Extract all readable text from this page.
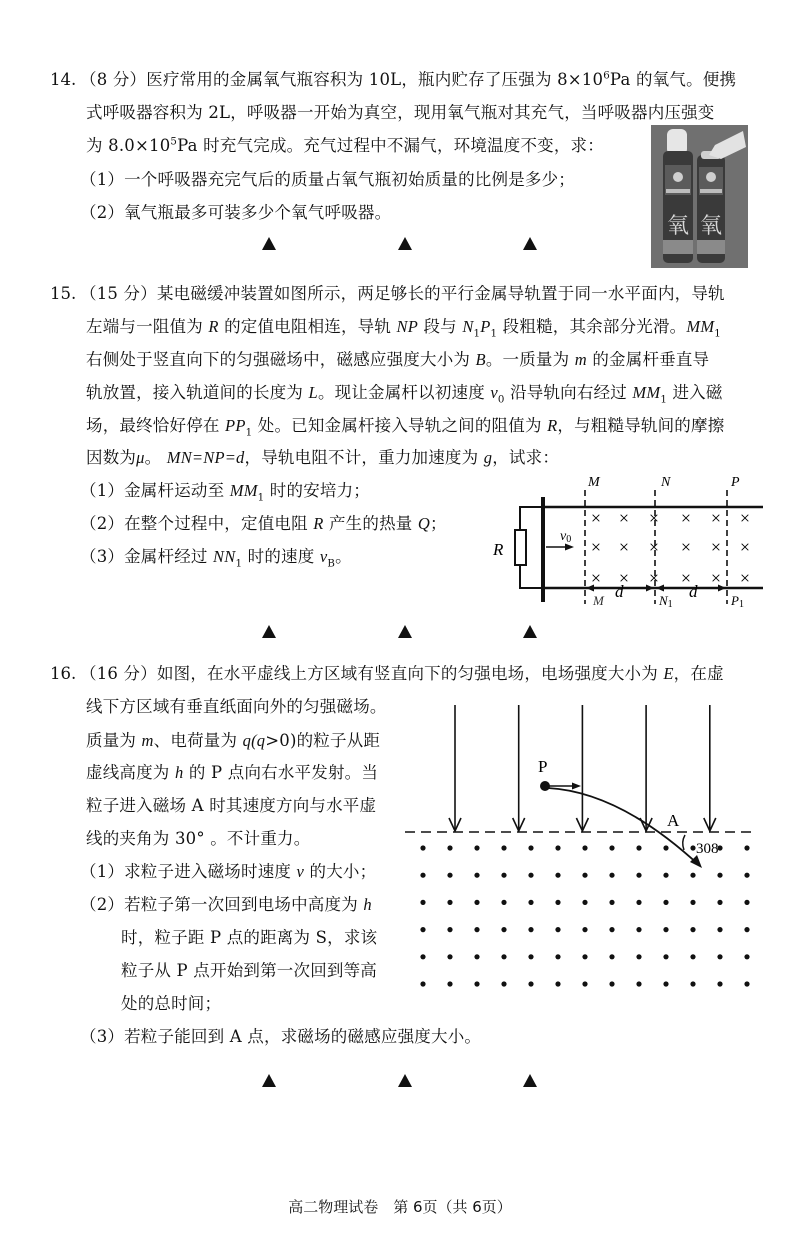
14. （8 分）医疗常用的金属氧气瓶容积为 10L，瓶内贮存了压强为 $8\times 10^6Pa$ 的氧气。便携
式呼吸器容积为 2L，呼吸器一开始为真空，现用氧气瓶对其充气，当呼吸器内压强变
为 $8.0\times 10^5Pa$ 时充气完成。充气过程中不漏气，环境温度不变，求：
（1）一个呼吸器充完气后的质量占氧气瓶初始质量的比例是多少；
（2）氧气瓶最多可装多少个氧气呼吸器。
氧 氧
15. （15 分）某电磁缓冲装置如图所示，两足够长的平行金属导轨置于同一水平面内，导轨
左端与一阻值为 R 的定值电阻相连，导轨 NP 段与 $N_1P_1$ 段粗糙，其余部分光滑。$MM_1$
右侧处于竖直向下的匀强磁场中，磁感应强度大小为 B。一质量为 m 的金属杆垂直导
轨放置，接入轨道间的长度为 L。现让金属杆以初速度 $v_0$ 沿导轨向右经过 $MM_1$ 进入磁
场，最终恰好停在 $PP_1$ 处。已知金属杆接入导轨之间的阻值为 R，与粗糙导轨间的摩擦
因数为μ。 MN=NP=d，导轨电阻不计，重力加速度为 g，试求：
（1）金属杆运动至 $MM_1$ 时的安培力；
（2）在整个过程中，定值电阻 R 产生的热量 Q；
（3）金属杆经过 $NN_1$ 时的速度 $v_B$。	R
v0
M	N	P
d	d
M	N1	P1
× × × × × ×
× × × × × ×
× × × × × ×
16. （16 分）如图，在水平虚线上方区域有竖直向下的匀强电场，电场强度大小为 E，在虚
线下方区域有垂直纸面向外的匀强磁场。
质量为 m、电荷量为 q(q>0)的粒子从距
虚线高度为 h 的 P 点向右水平发射。当
粒子进入磁场 A 时其速度方向与水平虚
线的夹角为 30° 。不计重力。
（1）求粒子进入磁场时速度 v 的大小；
（2）若粒子第一次回到电场中高度为 h
时，粒子距 P 点的距离为 S，求该
粒子从 P 点开始到第一次回到等高
处的总时间；
（3）若粒子能回到 A 点，求磁场的磁感应强度大小。
P
A
308
高二物理试卷　第 6页（共 6页）
